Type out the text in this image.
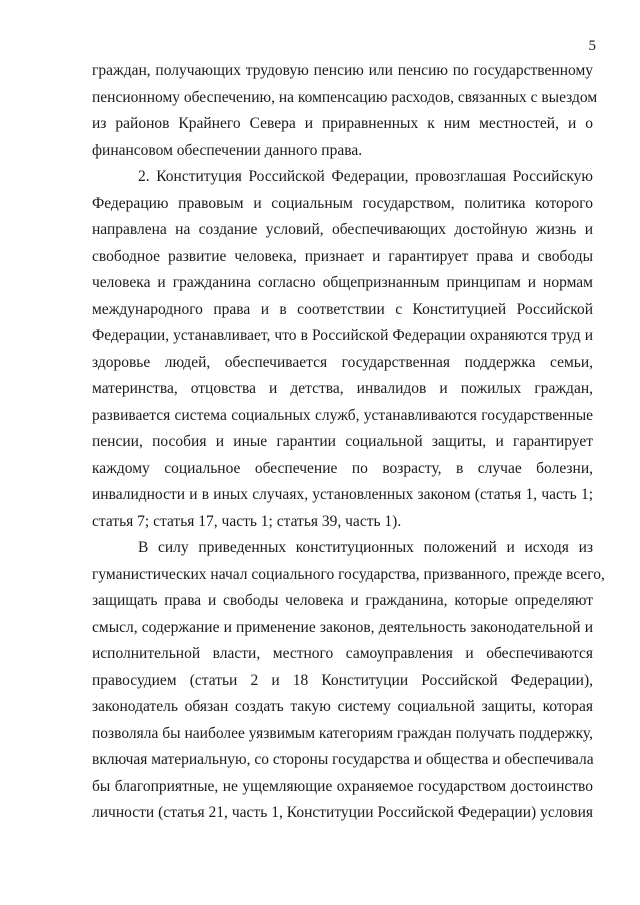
5
граждан, получающих трудовую пенсию или пенсию по государственному
пенсионному обеспечению, на компенсацию расходов, связанных с выездом
из районов Крайнего Севера и приравненных к ним местностей, и о
финансовом обеспечении данного права.
2. Конституция Российской Федерации, провозглашая Российскую
Федерацию правовым и социальным государством, политика которого
направлена на создание условий, обеспечивающих достойную жизнь и
свободное развитие человека, признает и гарантирует права и свободы
человека и гражданина согласно общепризнанным принципам и нормам
международного права и в соответствии с Конституцией Российской
Федерации, устанавливает, что в Российской Федерации охраняются труд и
здоровье людей, обеспечивается государственная поддержка семьи,
материнства, отцовства и детства, инвалидов и пожилых граждан,
развивается система социальных служб, устанавливаются государственные
пенсии, пособия и иные гарантии социальной защиты, и гарантирует
каждому социальное обеспечение по возрасту, в случае болезни,
инвалидности и в иных случаях, установленных законом (статья 1, часть 1;
статья 7; статья 17, часть 1; статья 39, часть 1).
В силу приведенных конституционных положений и исходя из
гуманистических начал социального государства, призванного, прежде всего,
защищать права и свободы человека и гражданина, которые определяют
смысл, содержание и применение законов, деятельность законодательной и
исполнительной власти, местного самоуправления и обеспечиваются
правосудием (статьи 2 и 18 Конституции Российской Федерации),
законодатель обязан создать такую систему социальной защиты, которая
позволяла бы наиболее уязвимым категориям граждан получать поддержку,
включая материальную, со стороны государства и общества и обеспечивала
бы благоприятные, не ущемляющие охраняемое государством достоинство
личности (статья 21, часть 1, Конституции Российской Федерации) условия
